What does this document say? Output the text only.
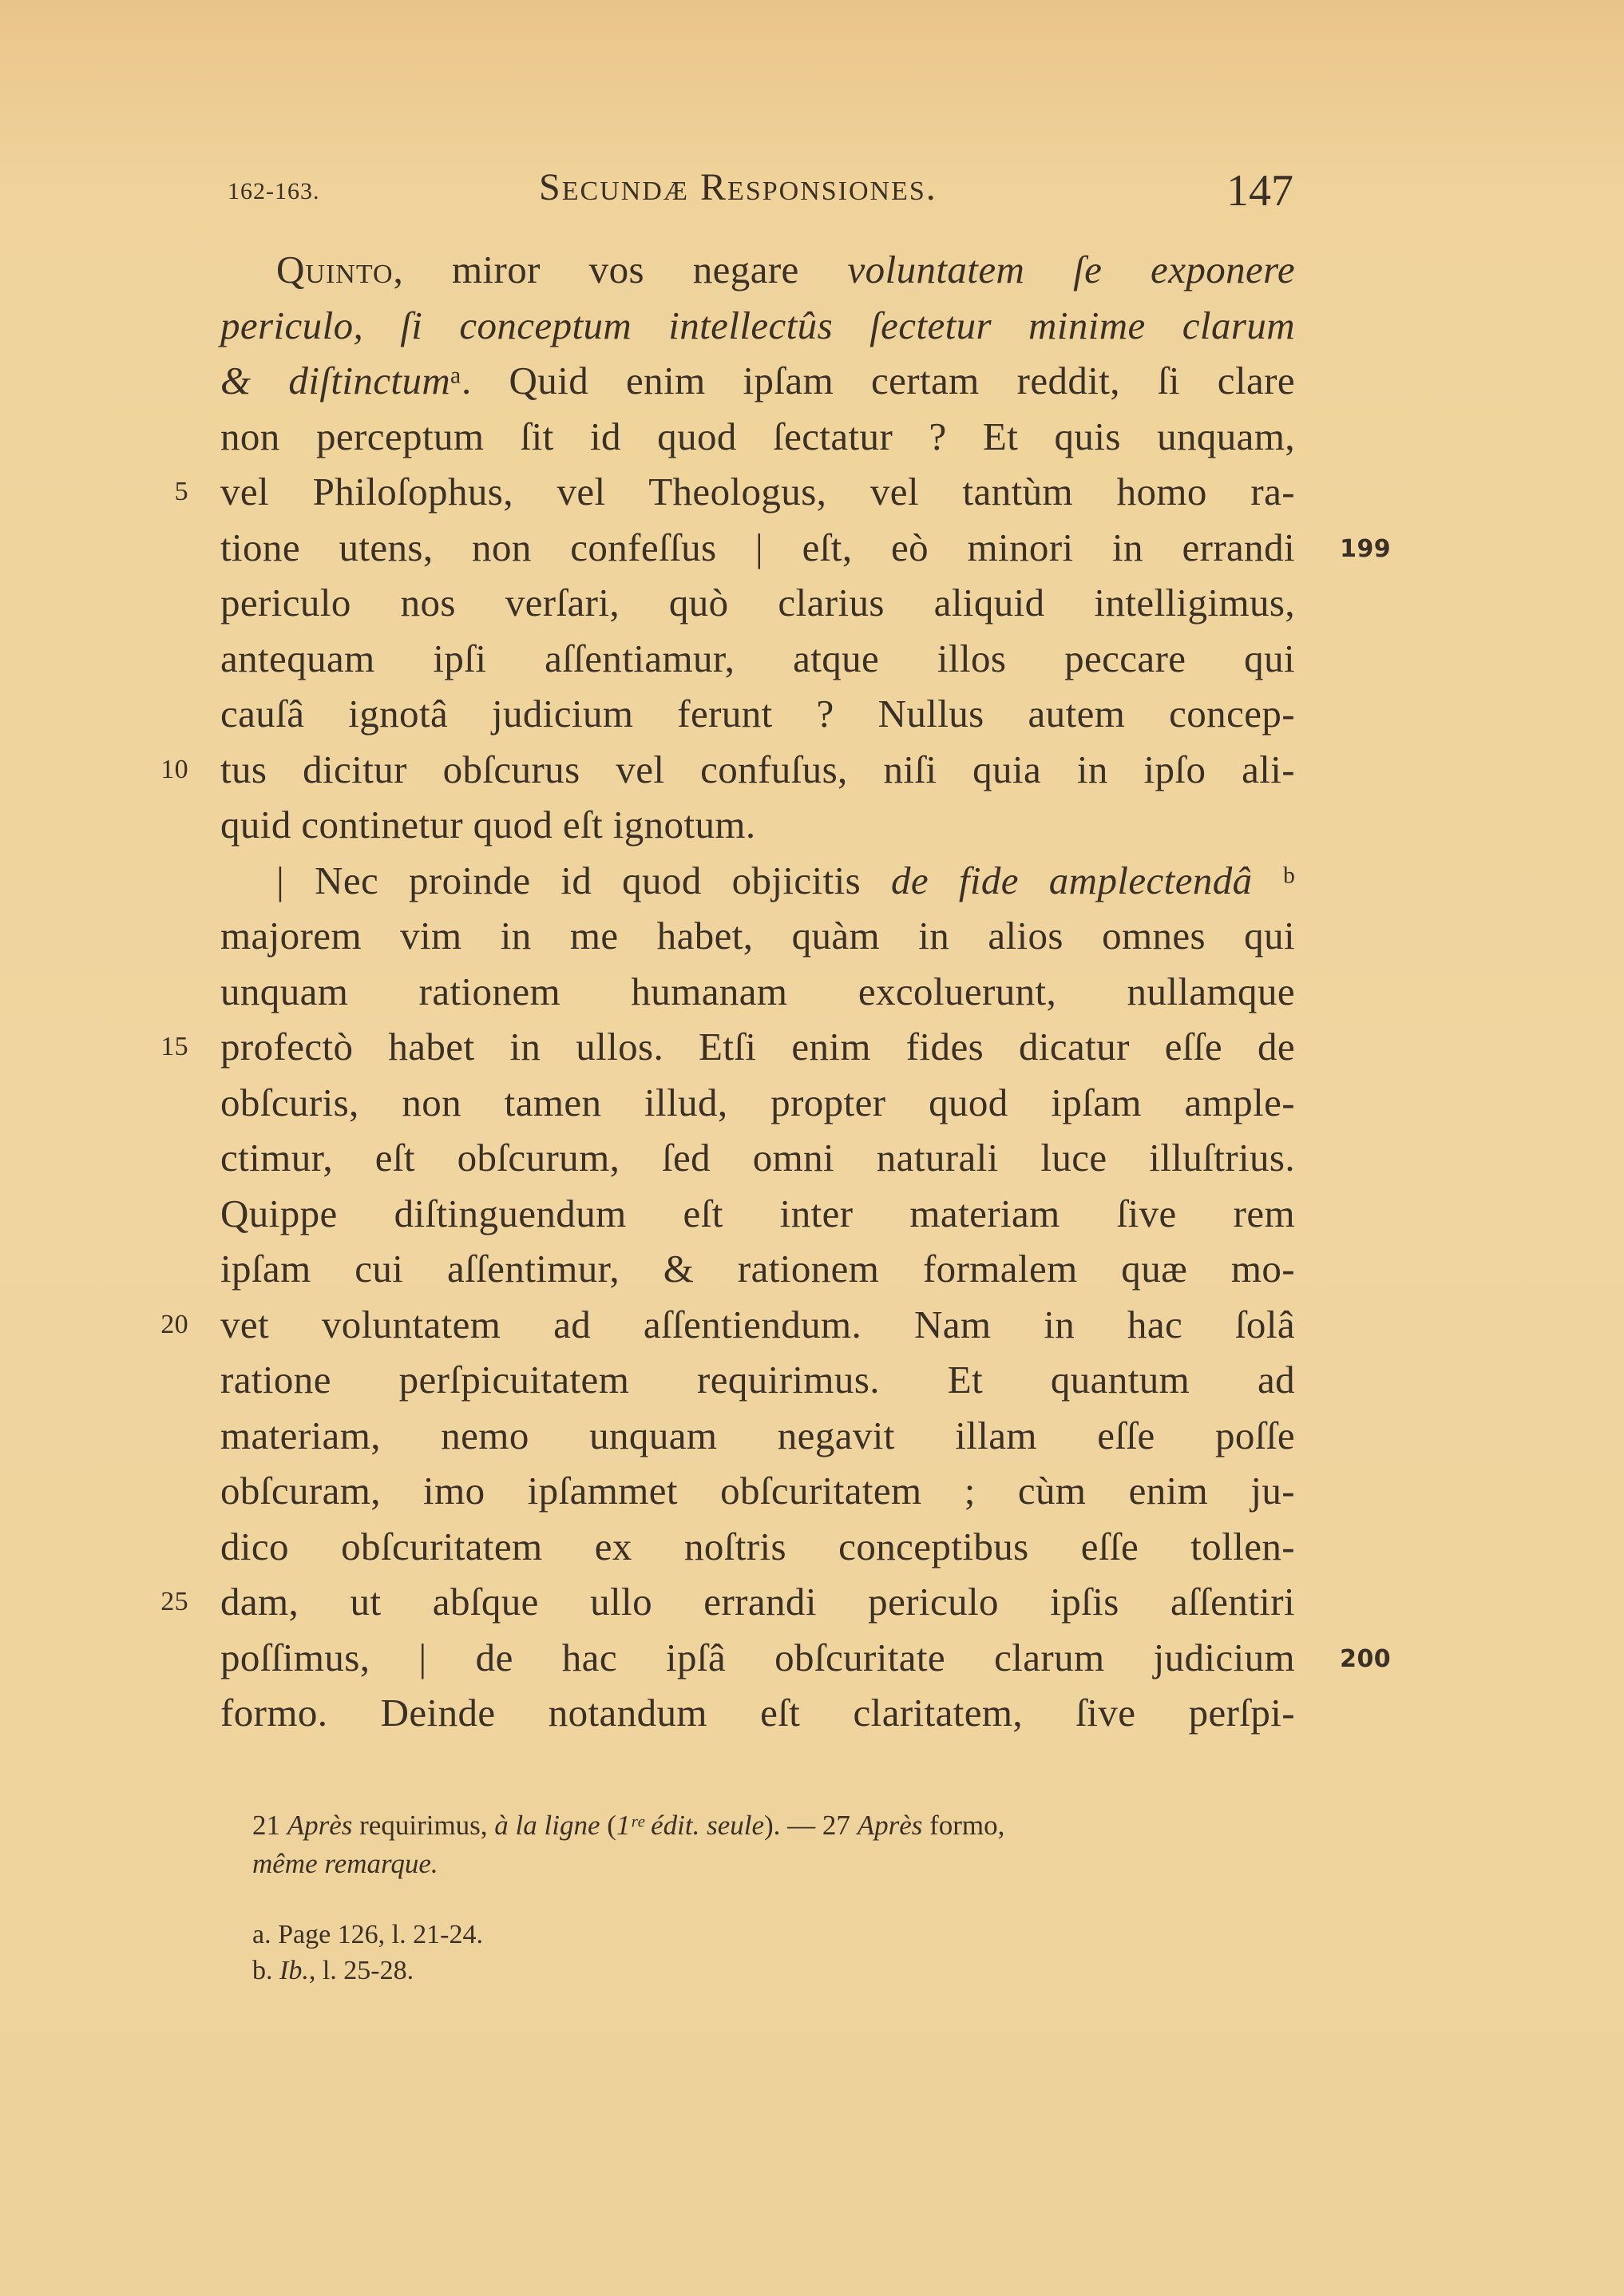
162-163.	Secundæ Responsiones.	147
Quinto, miror vos negare voluntatem ſe exponere
periculo, ſi conceptum intellectûs ſectetur minime clarum
& diſtinctumᵃ. Quid enim ipſam certam reddit, ſi clare
non perceptum ſit id quod ſectatur ? Et quis unquam,
vel Philoſophus, vel Theologus, vel tantùm homo ra-
5
tione utens, non confeſſus | eſt, eò minori in errandi 199
periculo nos verſari, quò clarius aliquid intelligimus,
antequam ipſi aſſentiamur, atque illos peccare qui
cauſâ ignotâ judicium ferunt ? Nullus autem concep-
tus dicitur obſcurus vel confuſus, niſi quia in ipſo ali-
10
quid continetur quod eſt ignotum.
| Nec proinde id quod objicitis de fide amplectendâ ᵇ
majorem vim in me habet, quàm in alios omnes qui
unquam rationem humanam excoluerunt, nullamque
profectò habet in ullos. Etſi enim fides dicatur eſſe de
15
obſcuris, non tamen illud, propter quod ipſam ample-
ctimur, eſt obſcurum, ſed omni naturali luce illuſtrius.
Quippe diſtinguendum eſt inter materiam ſive rem
ipſam cui aſſentimur, & rationem formalem quæ mo-
vet voluntatem ad aſſentiendum. Nam in hac ſolâ
20
ratione perſpicuitatem requirimus. Et quantum ad
materiam, nemo unquam negavit illam eſſe poſſe
obſcuram, imo ipſammet obſcuritatem ; cùm enim ju-
dico obſcuritatem ex noſtris conceptibus eſſe tollen-
dam, ut abſque ullo errandi periculo ipſis aſſentiri
25
poſſimus, | de hac ipſâ obſcuritate clarum judicium 200
formo. Deinde notandum eſt claritatem, ſive perſpi-
21 Après requirimus, à la ligne (1ʳᵉ édit. seule). — 27 Après formo,
même remarque.
a. Page 126, l. 21-24.
b. Ib., l. 25-28.
